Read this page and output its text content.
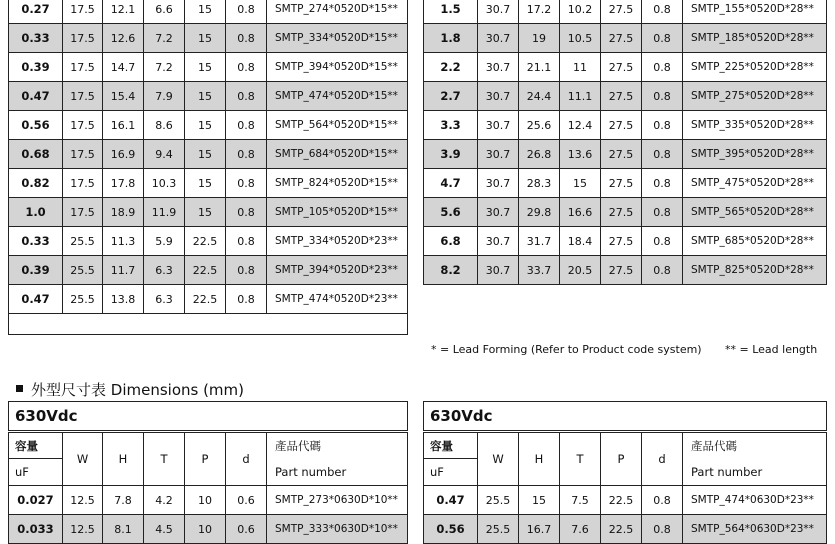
0.27	17.5	12.1	6.6	15	0.8	SMTP_274*0520D*15**
0.33	17.5	12.6	7.2	15	0.8	SMTP_334*0520D*15**
0.39	17.5	14.7	7.2	15	0.8	SMTP_394*0520D*15**
0.47	17.5	15.4	7.9	15	0.8	SMTP_474*0520D*15**
0.56	17.5	16.1	8.6	15	0.8	SMTP_564*0520D*15**
0.68	17.5	16.9	9.4	15	0.8	SMTP_684*0520D*15**
0.82	17.5	17.8	10.3	15	0.8	SMTP_824*0520D*15**
1.0	17.5	18.9	11.9	15	0.8	SMTP_105*0520D*15**
0.33	25.5	11.3	5.9	22.5	0.8	SMTP_334*0520D*23**
0.39	25.5	11.7	6.3	22.5	0.8	SMTP_394*0520D*23**
0.47	25.5	13.8	6.3	22.5	0.8	SMTP_474*0520D*23**

1.5	30.7	17.2	10.2	27.5	0.8	SMTP_155*0520D*28**
1.8	30.7	19	10.5	27.5	0.8	SMTP_185*0520D*28**
2.2	30.7	21.1	11	27.5	0.8	SMTP_225*0520D*28**
2.7	30.7	24.4	11.1	27.5	0.8	SMTP_275*0520D*28**
3.3	30.7	25.6	12.4	27.5	0.8	SMTP_335*0520D*28**
3.9	30.7	26.8	13.6	27.5	0.8	SMTP_395*0520D*28**
4.7	30.7	28.3	15	27.5	0.8	SMTP_475*0520D*28**
5.6	30.7	29.8	16.6	27.5	0.8	SMTP_565*0520D*28**
6.8	30.7	31.7	18.4	27.5	0.8	SMTP_685*0520D*28**
8.2	30.7	33.7	20.5	27.5	0.8	SMTP_825*0520D*28**
* = Lead Forming (Refer to Product code system) ** = Lead length
外型尺寸表 Dimensions (mm)
630Vdc						
容量	W	H	T	P	d	產品代碼
uF						Part number
0.027	12.5	7.8	4.2	10	0.6	SMTP_273*0630D*10**
0.033	12.5	8.1	4.5	10	0.6	SMTP_333*0630D*10**
630Vdc						
容量	W	H	T	P	d	產品代碼
uF						Part number
0.47	25.5	15	7.5	22.5	0.8	SMTP_474*0630D*23**
0.56	25.5	16.7	7.6	22.5	0.8	SMTP_564*0630D*23**
